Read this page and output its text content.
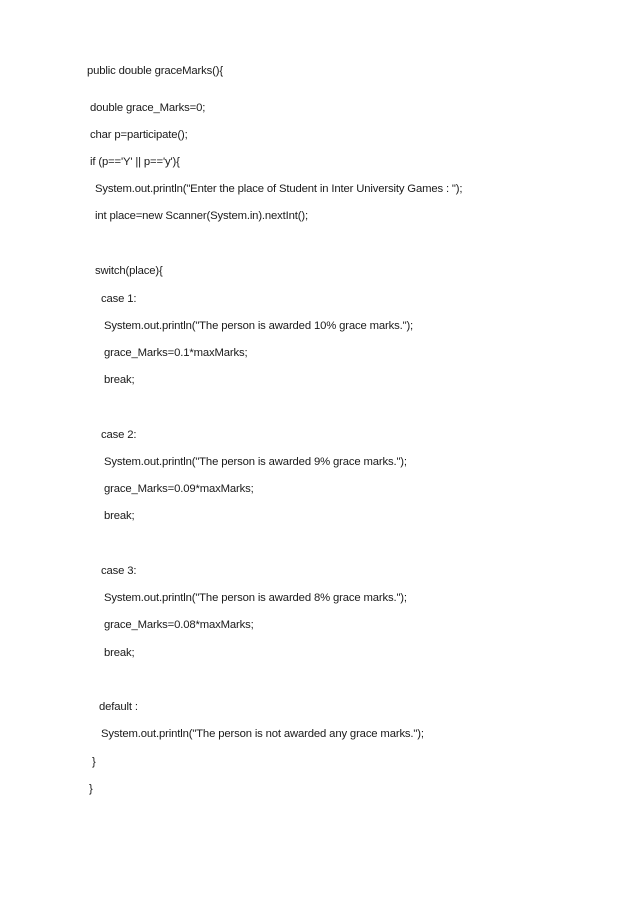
public double graceMarks(){
double grace_Marks=0;
char p=participate();
if (p=='Y' || p=='y'){
System.out.println("Enter the place of Student in Inter University Games : ");
int place=new Scanner(System.in).nextInt();
switch(place){
case 1:
System.out.println("The person is awarded 10% grace marks.");
grace_Marks=0.1*maxMarks;
break;
case 2:
System.out.println("The person is awarded 9% grace marks.");
grace_Marks=0.09*maxMarks;
break;
case 3:
System.out.println("The person is awarded 8% grace marks.");
grace_Marks=0.08*maxMarks;
break;
default :
System.out.println("The person is not awarded any grace marks.");
}
}
